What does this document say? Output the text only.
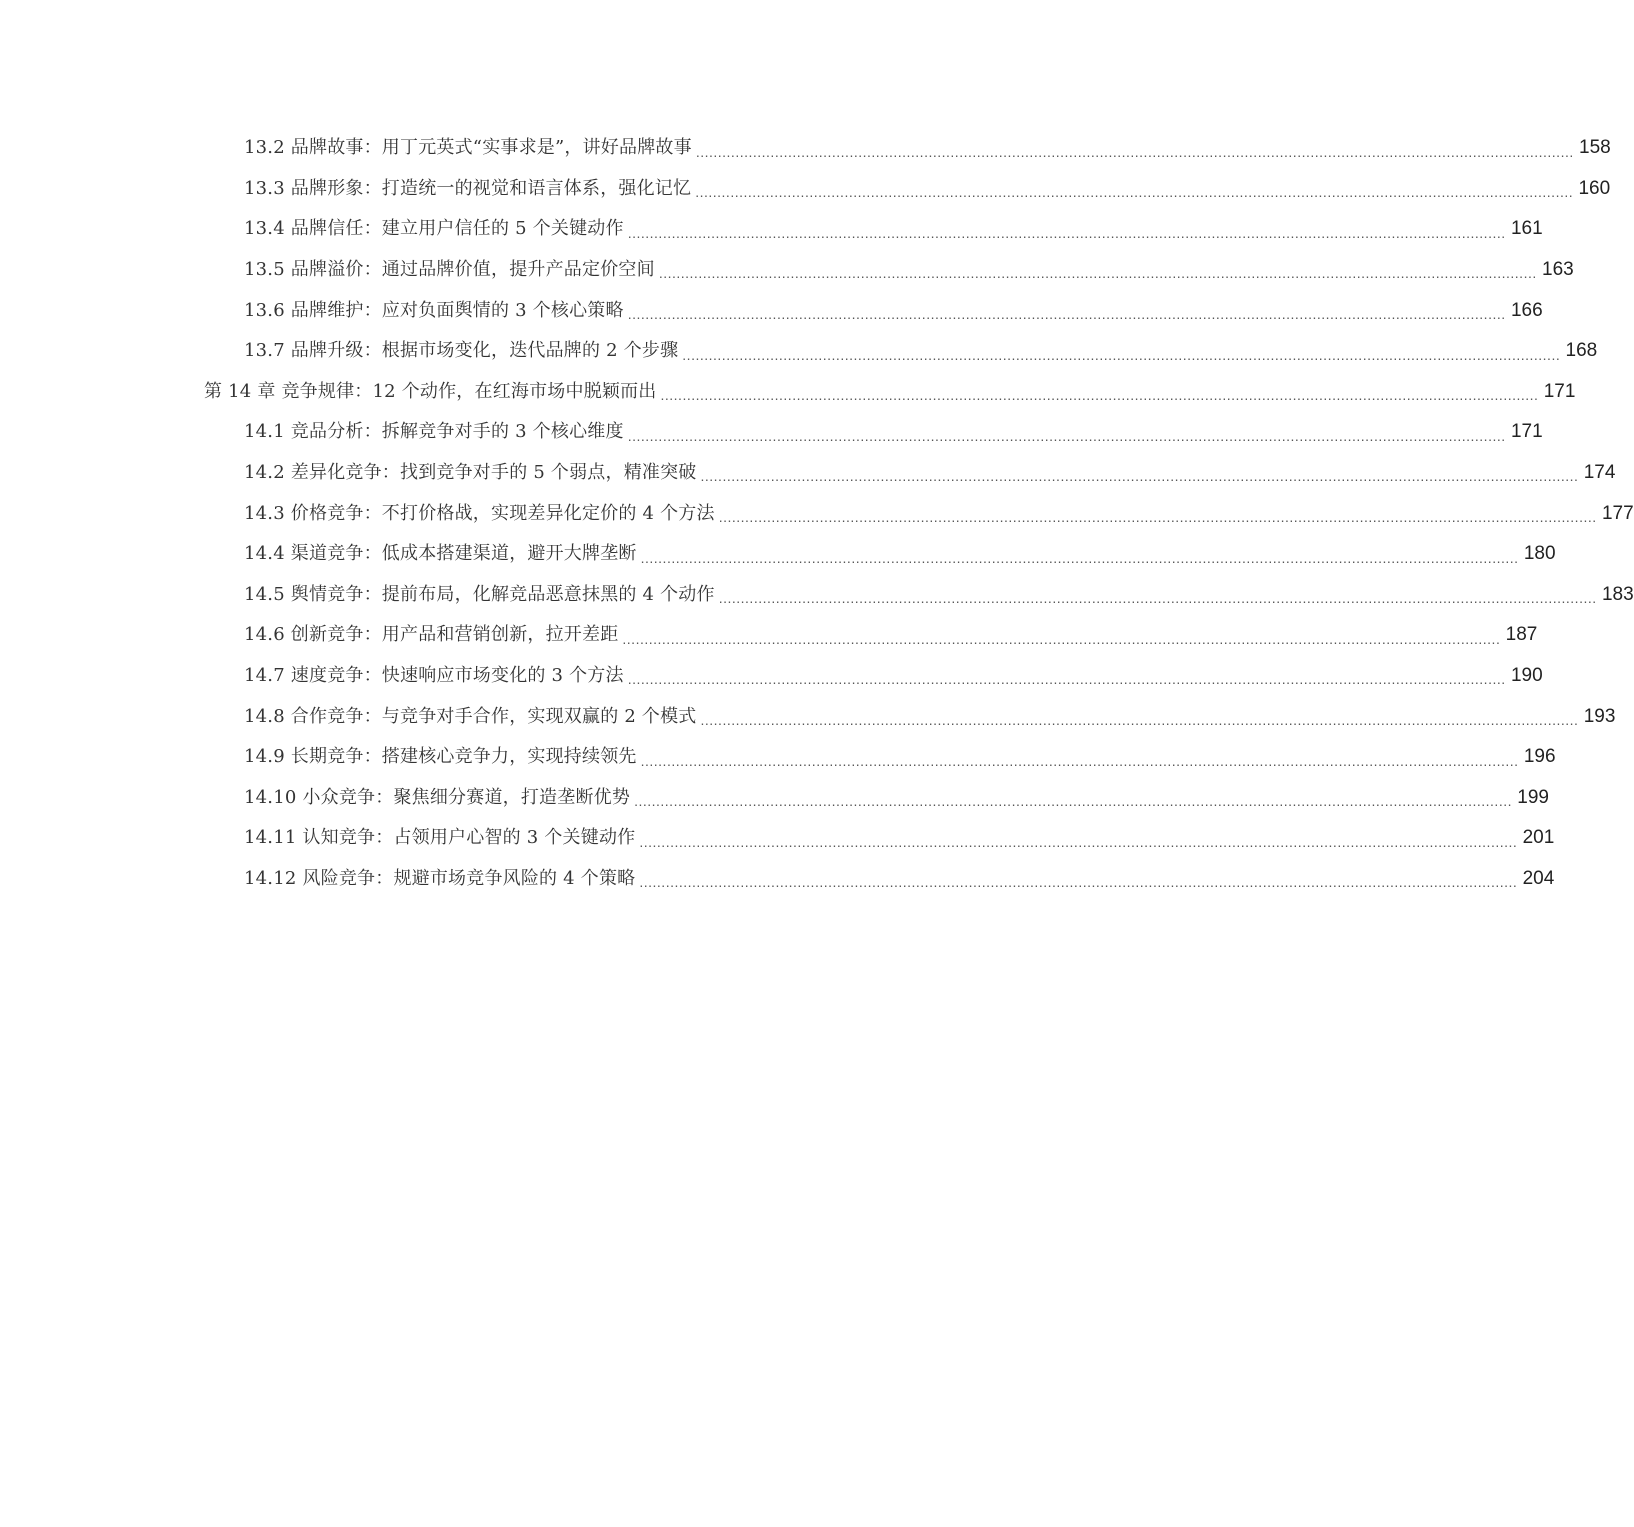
13.2 品牌故事：用丁元英式“实事求是”，讲好品牌故事 ........................................................................................................................................................................................................ 158
13.3 品牌形象：打造统一的视觉和语言体系，强化记忆 ........................................................................................................................................................................................................ 160
13.4 品牌信任：建立用户信任的 5 个关键动作 ........................................................................................................................................................................................................ 161
13.5 品牌溢价：通过品牌价值，提升产品定价空间 ........................................................................................................................................................................................................ 163
13.6 品牌维护：应对负面舆情的 3 个核心策略 ........................................................................................................................................................................................................ 166
13.7 品牌升级：根据市场变化，迭代品牌的 2 个步骤 ........................................................................................................................................................................................................ 168
第 14 章 竞争规律：12 个动作，在红海市场中脱颖而出 ........................................................................................................................................................................................................ 171
14.1 竞品分析：拆解竞争对手的 3 个核心维度 ........................................................................................................................................................................................................ 171
14.2 差异化竞争：找到竞争对手的 5 个弱点，精准突破 ........................................................................................................................................................................................................ 174
14.3 价格竞争：不打价格战，实现差异化定价的 4 个方法 ........................................................................................................................................................................................................ 177
14.4 渠道竞争：低成本搭建渠道，避开大牌垄断 ........................................................................................................................................................................................................ 180
14.5 舆情竞争：提前布局，化解竞品恶意抹黑的 4 个动作 ........................................................................................................................................................................................................ 183
14.6 创新竞争：用产品和营销创新，拉开差距 ........................................................................................................................................................................................................ 187
14.7 速度竞争：快速响应市场变化的 3 个方法 ........................................................................................................................................................................................................ 190
14.8 合作竞争：与竞争对手合作，实现双赢的 2 个模式 ........................................................................................................................................................................................................ 193
14.9 长期竞争：搭建核心竞争力，实现持续领先 ........................................................................................................................................................................................................ 196
14.10 小众竞争：聚焦细分赛道，打造垄断优势 ........................................................................................................................................................................................................ 199
14.11 认知竞争：占领用户心智的 3 个关键动作 ........................................................................................................................................................................................................ 201
14.12 风险竞争：规避市场竞争风险的 4 个策略 ........................................................................................................................................................................................................ 204
